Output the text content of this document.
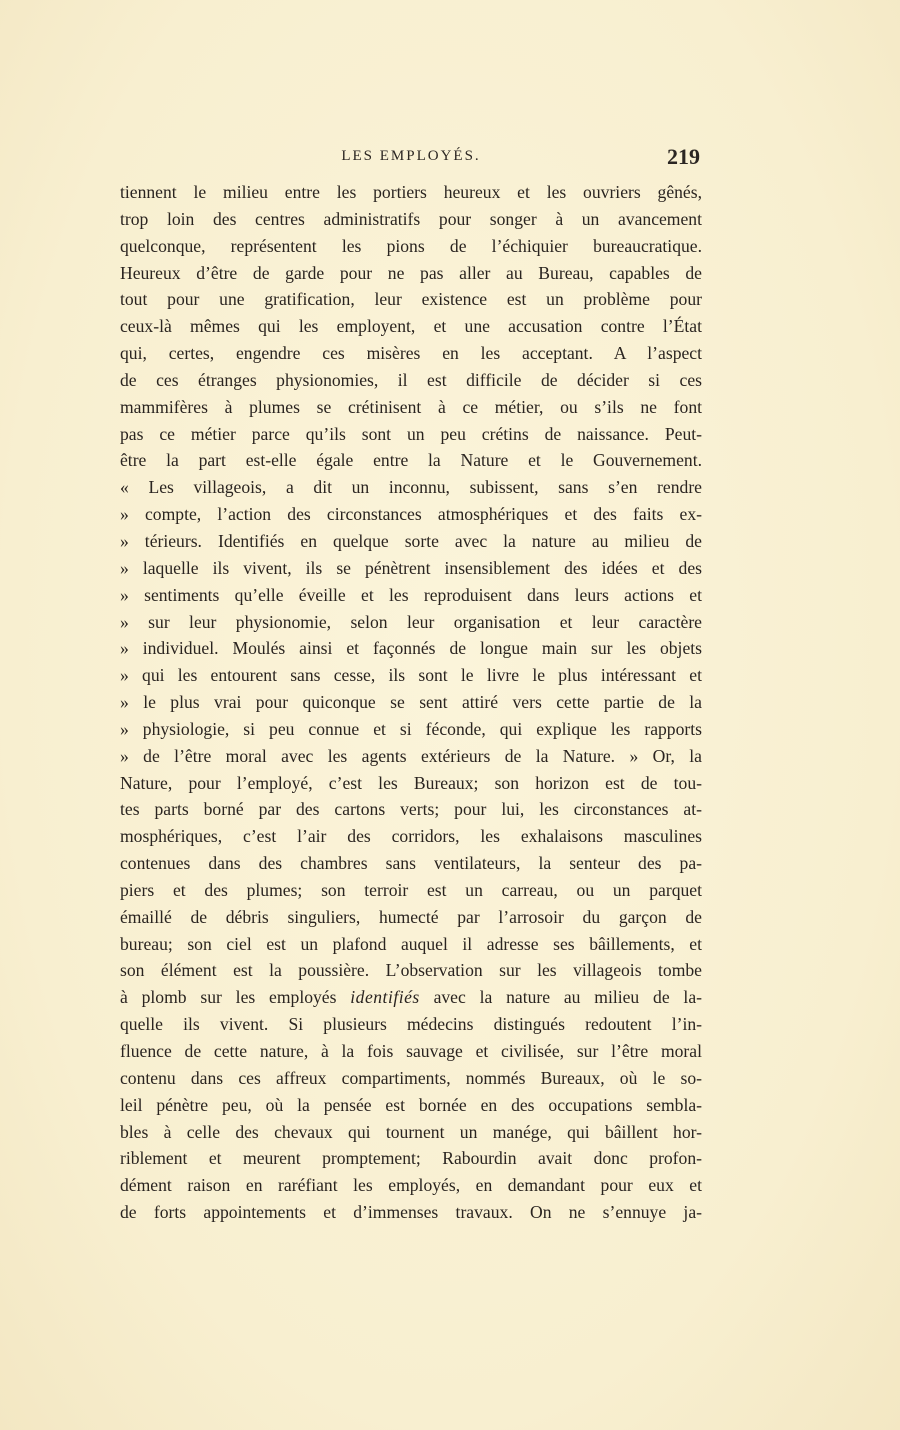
LES EMPLOYÉS.	219
tiennent le milieu entre les portiers heureux et les ouvriers gênés,
trop loin des centres administratifs pour songer à un avancement
quelconque, représentent les pions de l’échiquier bureaucratique.
Heureux d’être de garde pour ne pas aller au Bureau, capables de
tout pour une gratification, leur existence est un problème pour
ceux-là mêmes qui les employent, et une accusation contre l’État
qui, certes, engendre ces misères en les acceptant. A l’aspect
de ces étranges physionomies, il est difficile de décider si ces
mammifères à plumes se crétinisent à ce métier, ou s’ils ne font
pas ce métier parce qu’ils sont un peu crétins de naissance. Peut-
être la part est-elle égale entre la Nature et le Gouvernement.
« Les villageois, a dit un inconnu, subissent, sans s’en rendre
» compte, l’action des circonstances atmosphériques et des faits ex-
» térieurs. Identifiés en quelque sorte avec la nature au milieu de
» laquelle ils vivent, ils se pénètrent insensiblement des idées et des
» sentiments qu’elle éveille et les reproduisent dans leurs actions et
» sur leur physionomie, selon leur organisation et leur caractère
» individuel. Moulés ainsi et façonnés de longue main sur les objets
» qui les entourent sans cesse, ils sont le livre le plus intéressant et
» le plus vrai pour quiconque se sent attiré vers cette partie de la
» physiologie, si peu connue et si féconde, qui explique les rapports
» de l’être moral avec les agents extérieurs de la Nature. » Or, la
Nature, pour l’employé, c’est les Bureaux; son horizon est de tou-
tes parts borné par des cartons verts; pour lui, les circonstances at-
mosphériques, c’est l’air des corridors, les exhalaisons masculines
contenues dans des chambres sans ventilateurs, la senteur des pa-
piers et des plumes; son terroir est un carreau, ou un parquet
émaillé de débris singuliers, humecté par l’arrosoir du garçon de
bureau; son ciel est un plafond auquel il adresse ses bâillements, et
son élément est la poussière. L’observation sur les villageois tombe
à plomb sur les employés identifiés avec la nature au milieu de la-
quelle ils vivent. Si plusieurs médecins distingués redoutent l’in-
fluence de cette nature, à la fois sauvage et civilisée, sur l’être moral
contenu dans ces affreux compartiments, nommés Bureaux, où le so-
leil pénètre peu, où la pensée est bornée en des occupations sembla-
bles à celle des chevaux qui tournent un manége, qui bâillent hor-
riblement et meurent promptement; Rabourdin avait donc profon-
dément raison en raréfiant les employés, en demandant pour eux et
de forts appointements et d’immenses travaux. On ne s’ennuye ja-
